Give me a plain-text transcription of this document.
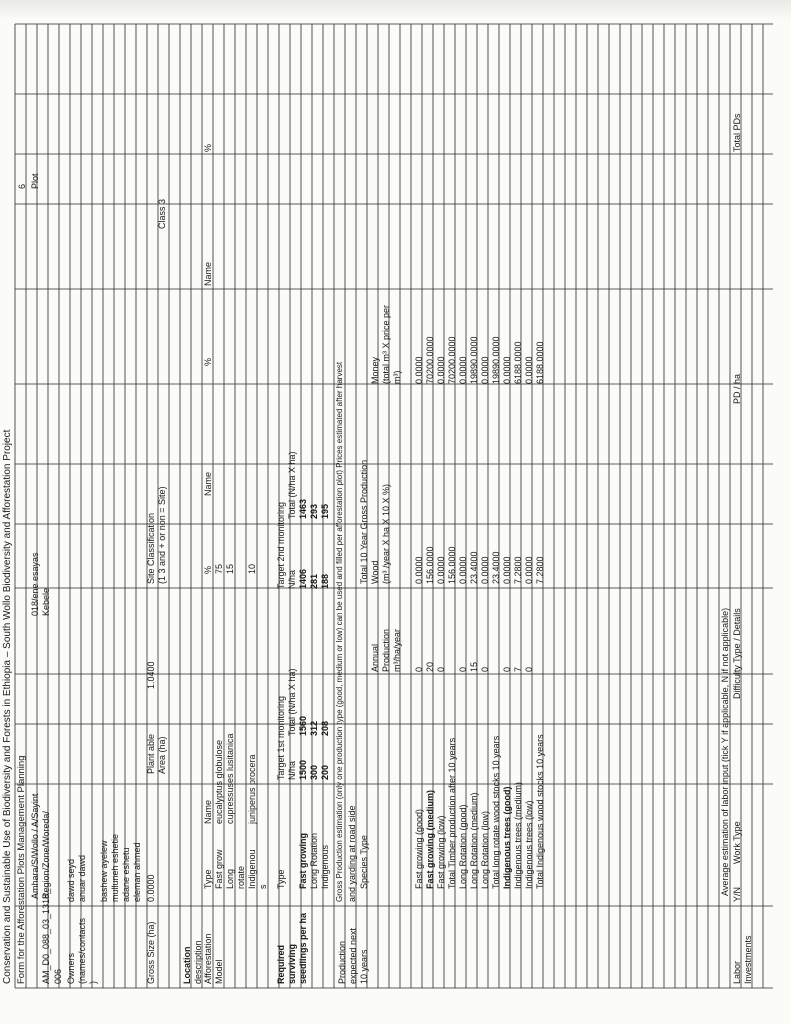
Conservation and Sustainable Use of Biodiversity and Forests in Ethiopia – South Wollo Biodiversity and Afforestation Project Form for the Afforestation Plots Management Planning
6
Amhara/S/Wollo / A/Sayint
018/ene esayas
Plot
AM_D0_088_03_1318_
Region/Zone/Woreda/
Kebele
006 Owners (names/contacts )
dawd seyd anuar dawd bashew ayelew mulluneh eshetie adane eshetu eleman ahmed
Gross Size (ha)
0.0000
Plant able
1.0400
Site Classification
Area (ha)
(1 3 and + or non = Site)
Class 3
Location description Afforestation Model
Type
Name
%
Name
%
Name
%
Required surviving seedlings per ha
Type
Target 1st monitoring
Target 2nd monitoring
N/ha
Total (N/ha X ha)
N/ha
Total (N/ha X ha)
Production expected next 10 years
Gross Production estimation (only one production type (good, medium or low) can be used and filled per afforestation plot) Prices estimated after harvest and yarding at road side Species Type
Annual Production m³/ha/year
Total 10 Year Gross Production Wood (m³ /year X ha X 10 X %)
Money (total m³ X price per m³)
Labor Investments
Average estimation of labor input (tick Y if applicable, N if not applicable) Y/N
Work Type
Difficulty Type / Details
PD / ha
Total PDs
Fast grow
eucalyptus globulose
75
Long
cupressuses lusitanica
15
rotate Indigenou
juniperus procera
10
s	Fast growing
1500
1560
1406
1463
Long Rotation
300
312
281
293
Indigenous
200
208
188
195
Fast growing (good)
0
0.0000
0.0000
Fast growing (medium)
20
156.0000
70200.0000
Fast growing (low)
0
0.0000
0.0000
Total Timber production after 10 years
156.0000
70200.0000
Long Rotation (good)
0
0.0000
0.0000
Long Rotation (medium)
15
23.4000
19890.0000
Long Rotation (low)
0
0.0000
0.0000
Total long rotate wood stocks 10 years
23.4000
19890.0000
Indigenous trees (good)
0
0.0000
0.0000
Indigenous trees (medium)
7
7.2800
6188.0000
Indigenous trees (low)
0
0.0000
0.0000
Total Indigenous wood stocks 10 years
7.2800
6188.0000
